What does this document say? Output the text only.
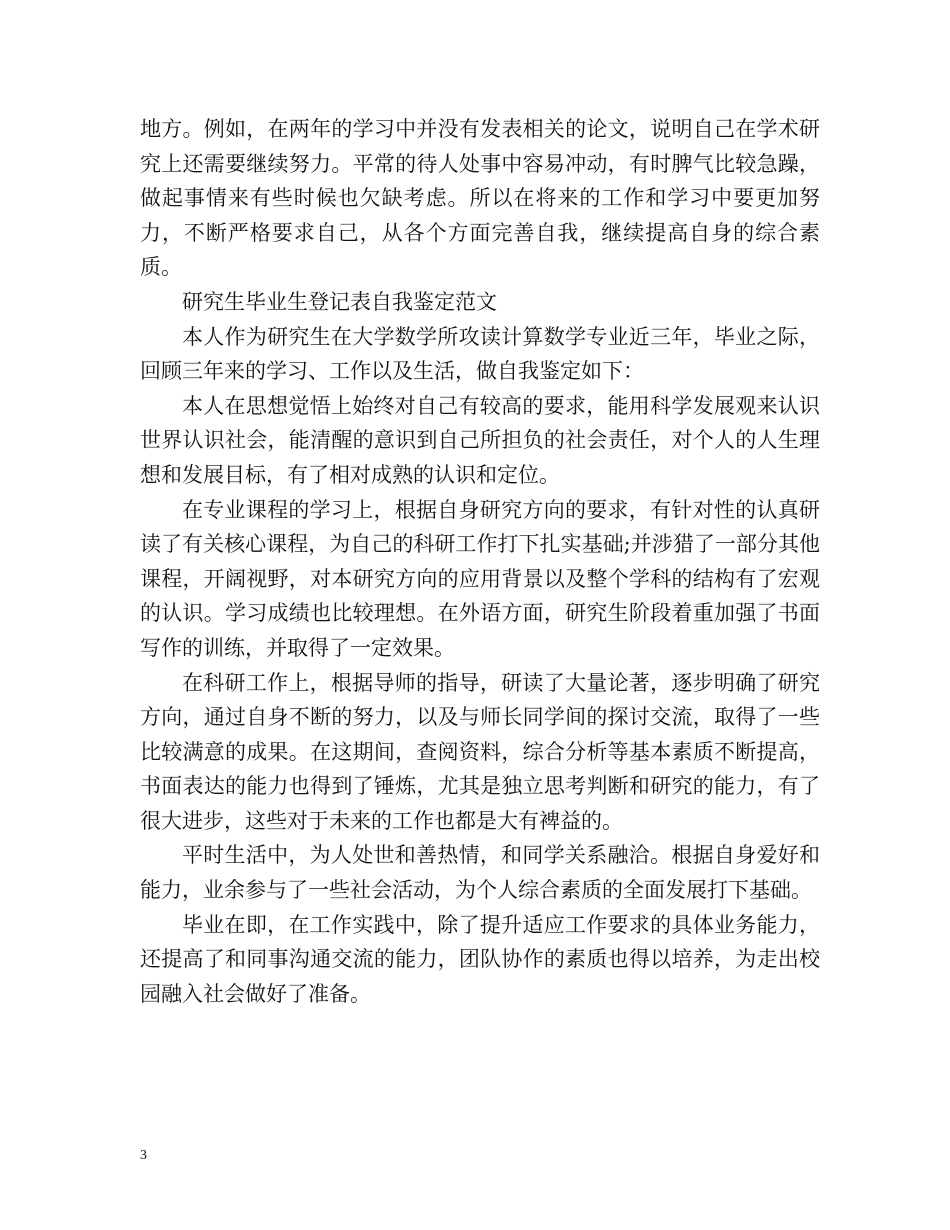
地方。例如，在两年的学习中并没有发表相关的论文，说明自己在学术研究上还需要继续努力。平常的待人处事中容易冲动，有时脾气比较急躁，做起事情来有些时候也欠缺考虑。所以在将来的工作和学习中要更加努力，不断严格要求自己，从各个方面完善自我，继续提高自身的综合素质。

研究生毕业生登记表自我鉴定范文

本人作为研究生在大学数学所攻读计算数学专业近三年，毕业之际，回顾三年来的学习、工作以及生活，做自我鉴定如下：

本人在思想觉悟上始终对自己有较高的要求，能用科学发展观来认识世界认识社会，能清醒的意识到自己所担负的社会责任，对个人的人生理想和发展目标，有了相对成熟的认识和定位。

在专业课程的学习上，根据自身研究方向的要求，有针对性的认真研读了有关核心课程，为自己的科研工作打下扎实基础;并涉猎了一部分其他课程，开阔视野，对本研究方向的应用背景以及整个学科的结构有了宏观的认识。学习成绩也比较理想。在外语方面，研究生阶段着重加强了书面写作的训练，并取得了一定效果。

在科研工作上，根据导师的指导，研读了大量论著，逐步明确了研究方向，通过自身不断的努力，以及与师长同学间的探讨交流，取得了一些比较满意的成果。在这期间，查阅资料，综合分析等基本素质不断提高，书面表达的能力也得到了锤炼，尤其是独立思考判断和研究的能力，有了很大进步，这些对于未来的工作也都是大有裨益的。

平时生活中，为人处世和善热情，和同学关系融洽。根据自身爱好和能力，业余参与了一些社会活动，为个人综合素质的全面发展打下基础。

毕业在即，在工作实践中，除了提升适应工作要求的具体业务能力，还提高了和同事沟通交流的能力，团队协作的素质也得以培养，为走出校园融入社会做好了准备。

3
